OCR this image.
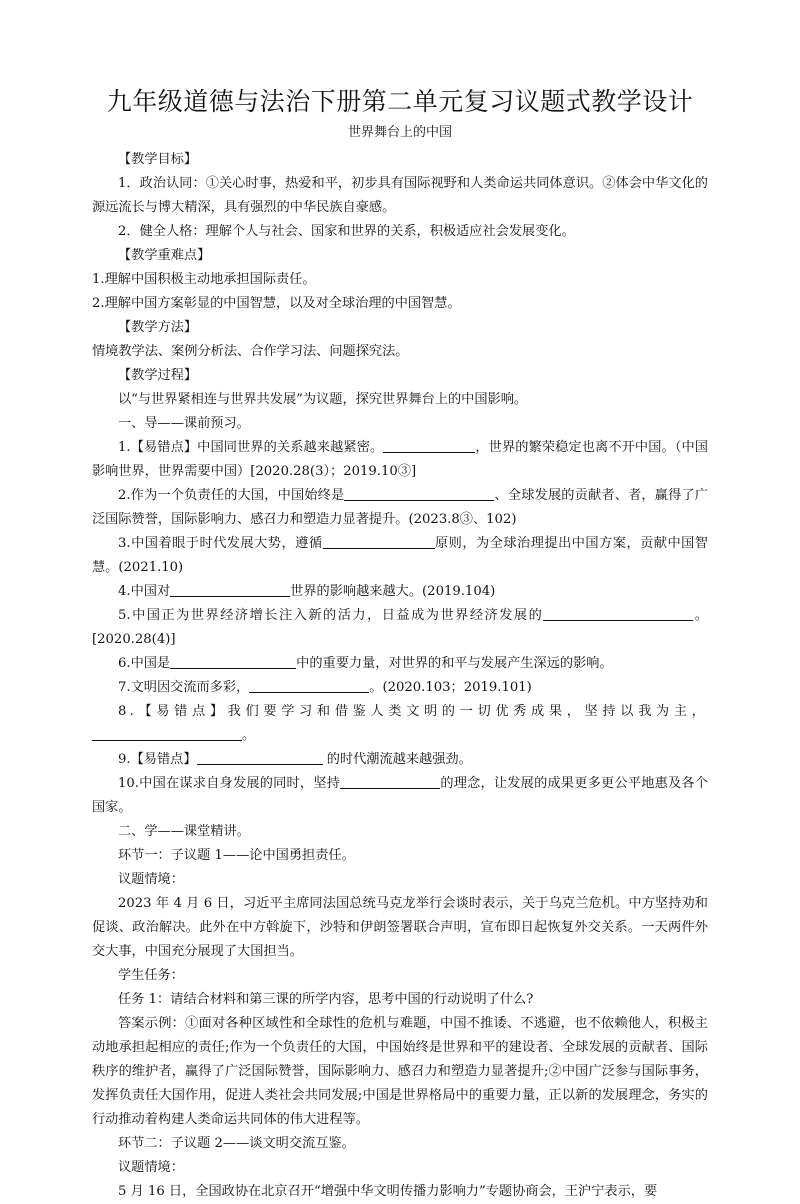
九年级道德与法治下册第二单元复习议题式教学设计
世界舞台上的中国

【教学目标】

1．政治认同：①关心时事，热爱和平，初步具有国际视野和人类命运共同体意识。②体会中华文化的源远流长与博大精深，具有强烈的中华民族自豪感。

2．健全人格：理解个人与社会、国家和世界的关系，积极适应社会发展变化。

【教学重难点】

1.理解中国积极主动地承担国际责任。

2.理解中国方案彰显的中国智慧，以及对全球治理的中国智慧。

【教学方法】

情境教学法、案例分析法、合作学习法、问题探究法。

【教学过程】

以“与世界紧相连与世界共发展”为议题，探究世界舞台上的中国影响。

一、导——课前预习。

1.【易错点】中国同世界的关系越来越紧密。	，世界的繁荣稳定也离不开中国。（中国影响世界，世界需要中国）[2020.28(3）；2019.10③]

2.作为一个负责任的大国，中国始终是	、全球发展的贡献者、者，赢得了广泛国际赞誉，国际影响力、感召力和塑造力显著提升。(2023.8③、102)

3.中国着眼于时代发展大势，遵循	原则，为全球治理提出中国方案，贡献中国智慧。(2021.10)

4.中国对	世界的影响越来越大。(2019.104)

5.中国正为世界经济增长注入新的活力，日益成为世界经济发展的	。[2020.28(4)]

6.中国是	中的重要力量，对世界的和平与发展产生深远的影响。

7.文明因交流而多彩，	。(2020.103；2019.101)

8.【易错点】我们要学习和借鉴人类文明的一切优秀成果，坚持以我为主，。

9.【易错点】	的时代潮流越来越强劲。

10.中国在谋求自身发展的同时，坚持	的理念，让发展的成果更多更公平地惠及各个国家。

二、学——课堂精讲。

环节一：子议题 1——论中国勇担责任。

议题情境：

2023 年 4 月 6 日，习近平主席同法国总统马克龙举行会谈时表示，关于乌克兰危机。中方坚持劝和促谈、政治解决。此外在中方斡旋下，沙特和伊朗签署联合声明，宣布即日起恢复外交关系。一天两件外交大事，中国充分展现了大国担当。

学生任务：

任务 1：请结合材料和第三课的所学内容，思考中国的行动说明了什么?

答案示例：①面对各种区域性和全球性的危机与难题，中国不推诿、不逃避，也不依赖他人，积极主动地承担起相应的责任;作为一个负责任的大国，中国始终是世界和平的建设者、全球发展的贡献者、国际秩序的维护者，赢得了广泛国际赞誉，国际影响力、感召力和塑造力显著提升;②中国广泛参与国际事务，发挥负责任大国作用，促进人类社会共同发展;中国是世界格局中的重要力量，正以新的发展理念，务实的行动推动着构建人类命运共同体的伟大进程等。

环节二：子议题 2——谈文明交流互鉴。

议题情境：

5 月 16 日，全国政协在北京召开“增强中华文明传播力影响力”专题协商会，王沪宁表示，要
